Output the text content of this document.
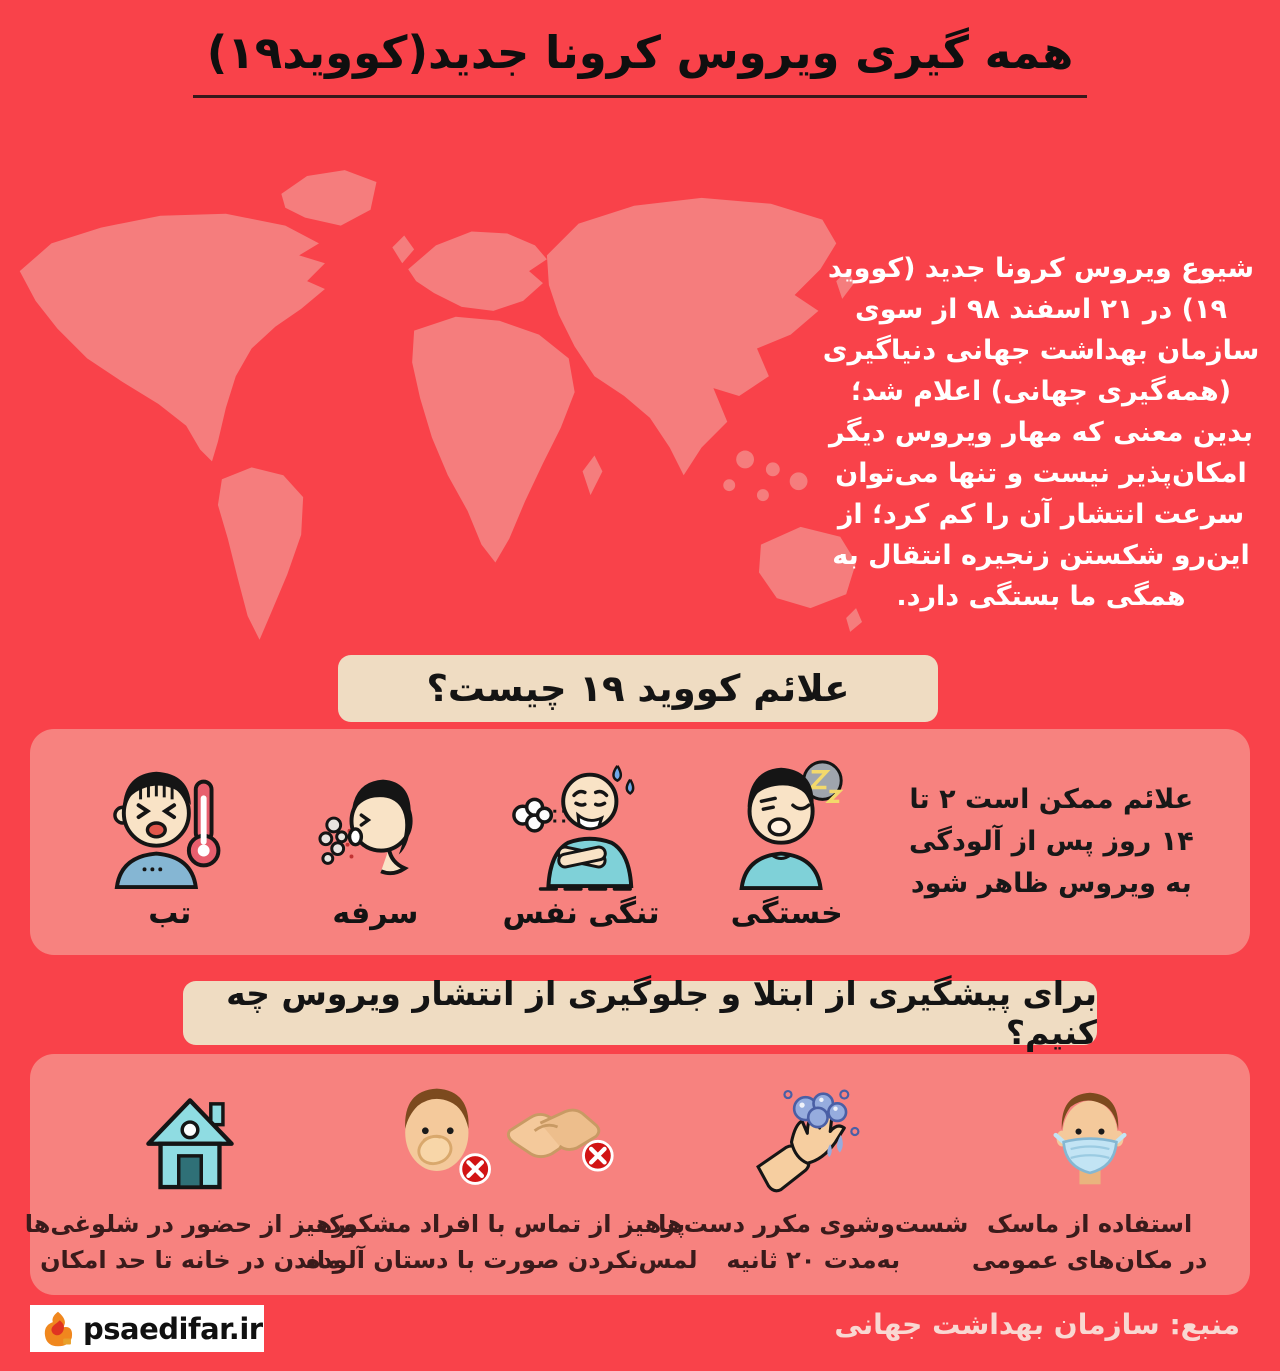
همه گیری ویروس کرونا جدید(کووید۱۹)

شیوع ویروس کرونا جدید (کووید ۱۹) در ۲۱ اسفند ۹۸ از سوی سازمان بهداشت جهانی دنیاگیری (همه‌گیری جهانی) اعلام شد؛ بدین معنی که مهار ویروس دیگر امکان‌پذیر نیست و تنها می‌توان سرعت انتشار آن را کم کرد؛ از این‌رو شکستن زنجیره انتقال به همگی ما بستگی دارد.

علائم کووید ۱۹ چیست؟
علائم ممکن است ۲ تا ۱۴ روز پس از آلودگی به ویروس ظاهر شود
خستگی
تنگی نفس
سرفه
تب
برای پیشگیری از ابتلا و جلوگیری از انتشار ویروس چه کنیم؟
استفاده از ماسک
در مکان‌های عمومی
شست‌وشوی مکرر دست‌ها
به‌مدت ۲۰ ثانیه
پرهیز از تماس با افراد مشکوک
لمس‌نکردن صورت با دستان آلوده
پرهیز از حضور در شلوغی‌ها
ماندن در خانه تا حد امکان
psaedifar.ir	منبع: سازمان بهداشت جهانی
